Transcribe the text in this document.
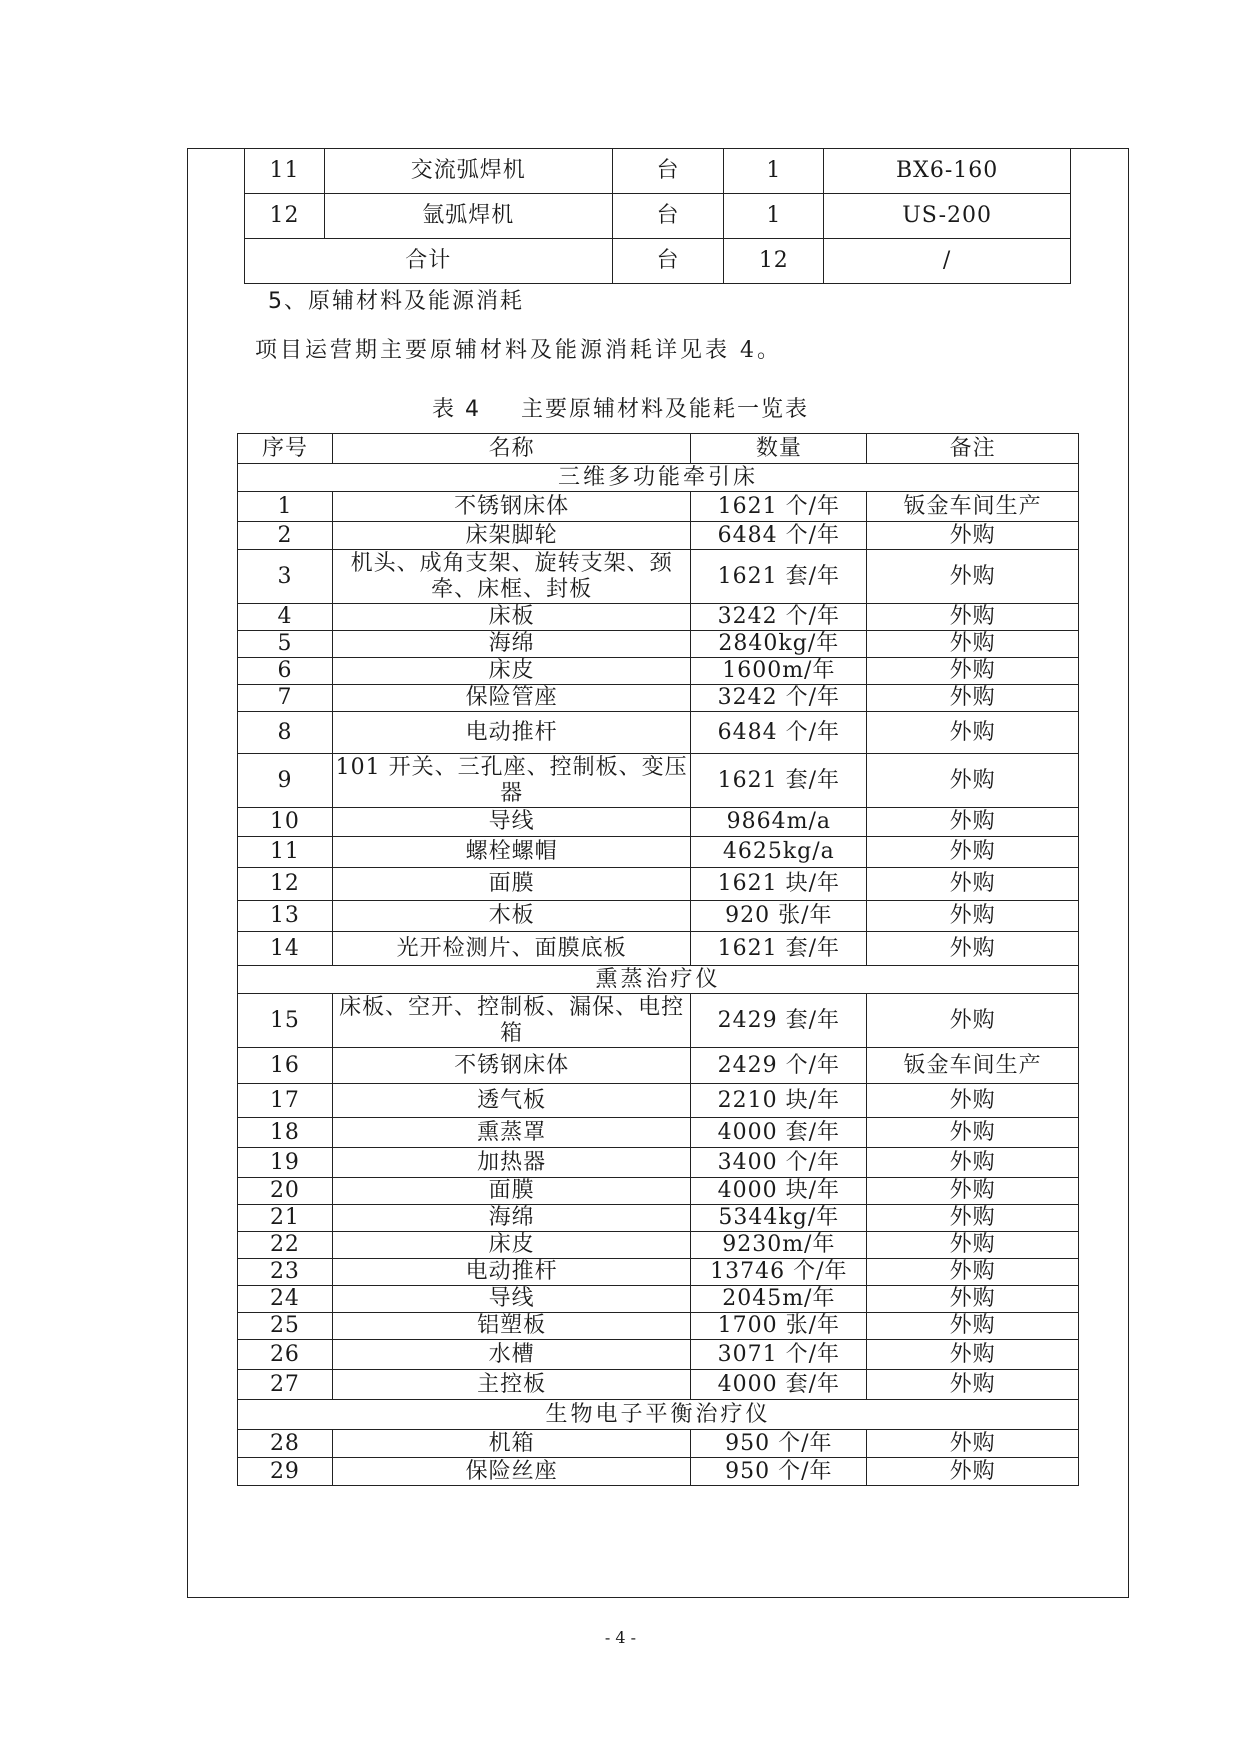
11	交流弧焊机	台	1	BX6-160
12	氩弧焊机	台	1	US-200
合计		台	12	/
5、原辅材料及能源消耗
项目运营期主要原辅材料及能源消耗详见表 4。
表 4 主要原辅材料及能耗一览表
序号	名称	数量	备注
三维多功能牵引床			
1	不锈钢床体	1621 个/年	钣金车间生产
2	床架脚轮	6484 个/年	外购
3	机头、成角支架、旋转支架、颈牵、床框、封板	1621 套/年	外购
4	床板	3242 个/年	外购
5	海绵	2840kg/年	外购
6	床皮	1600m/年	外购
7	保险管座	3242 个/年	外购
8	电动推杆	6484 个/年	外购
9	101 开关、三孔座、控制板、变压器	1621 套/年	外购
10	导线	9864m/a	外购
11	螺栓螺帽	4625kg/a	外购
12	面膜	1621 块/年	外购
13	木板	920 张/年	外购
14	光开检测片、面膜底板	1621 套/年	外购
熏蒸治疗仪			
15	床板、空开、控制板、漏保、电控箱	2429 套/年	外购
16	不锈钢床体	2429 个/年	钣金车间生产
17	透气板	2210 块/年	外购
18	熏蒸罩	4000 套/年	外购
19	加热器	3400 个/年	外购
20	面膜	4000 块/年	外购
21	海绵	5344kg/年	外购
22	床皮	9230m/年	外购
23	电动推杆	13746 个/年	外购
24	导线	2045m/年	外购
25	铝塑板	1700 张/年	外购
26	水槽	3071 个/年	外购
27	主控板	4000 套/年	外购
生物电子平衡治疗仪			
28	机箱	950 个/年	外购
29	保险丝座	950 个/年	外购
- 4 -
